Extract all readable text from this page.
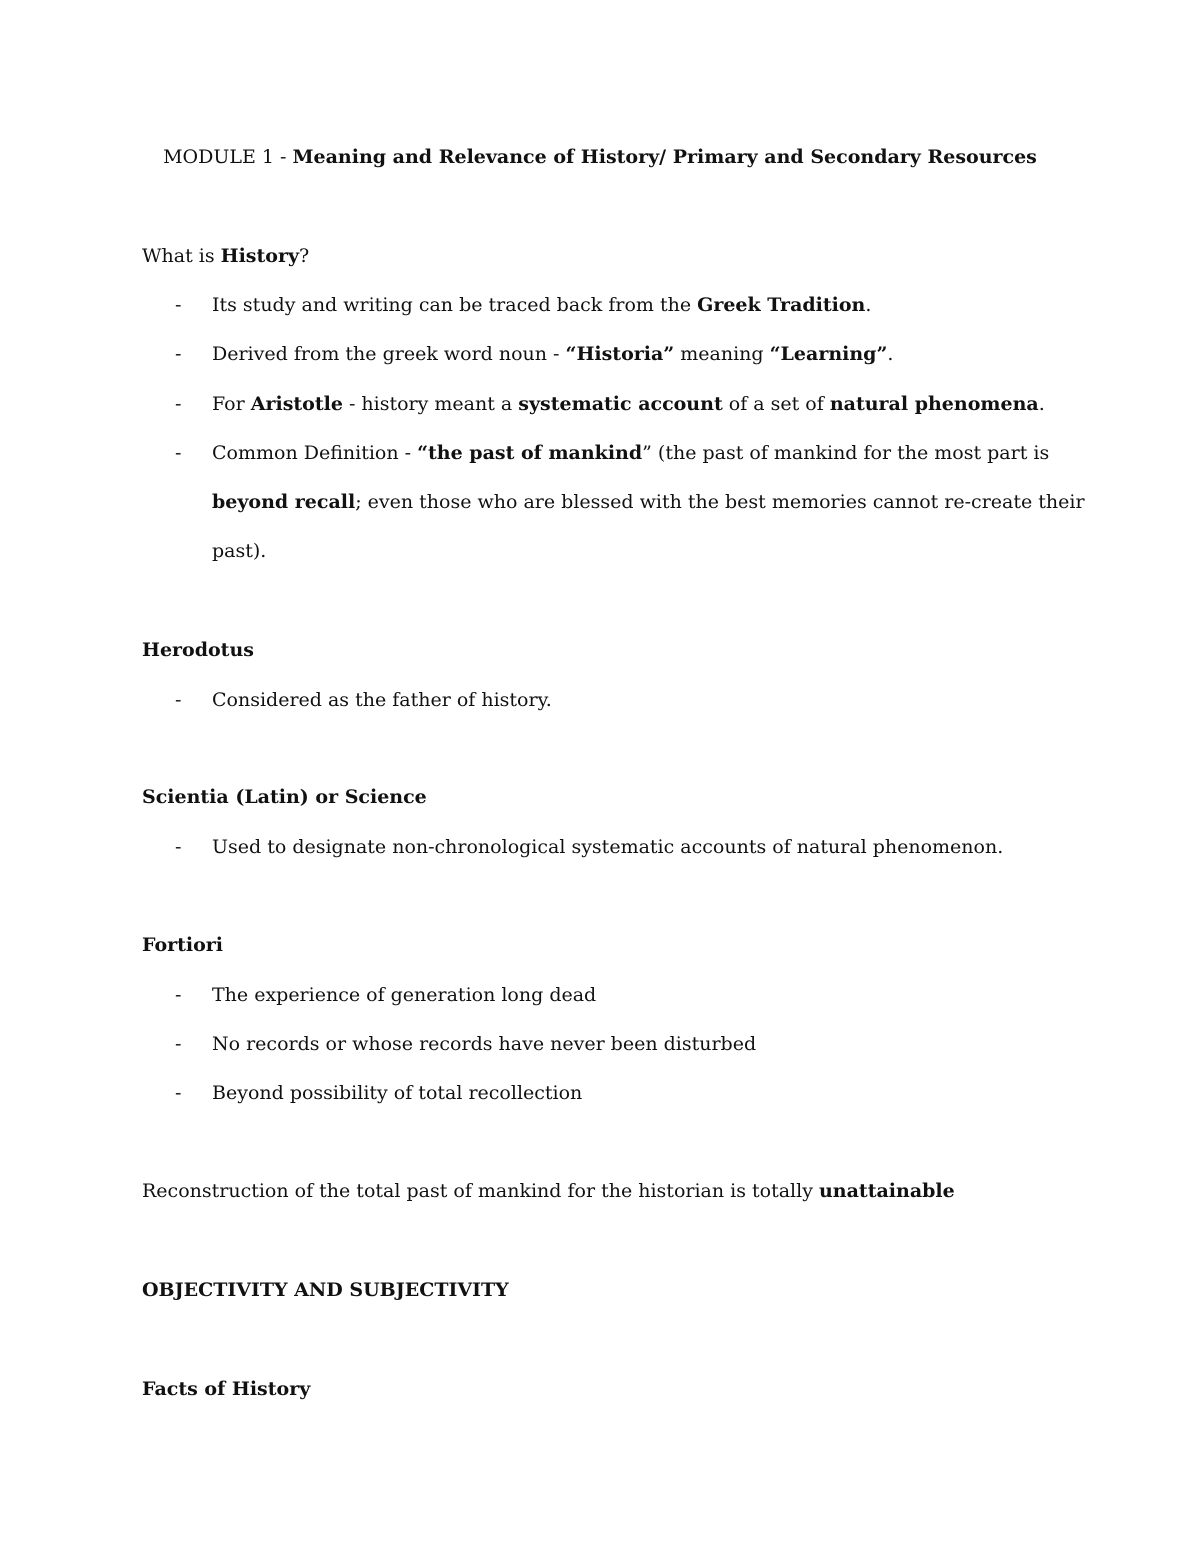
MODULE 1 - Meaning and Relevance of History/ Primary and Secondary Resources
What is History?
- Its study and writing can be traced back from the Greek Tradition.
- Derived from the greek word noun - “Historia” meaning “Learning”.
- For Aristotle - history meant a systematic account of a set of natural phenomena.
- Common Definition - “the past of mankind” (the past of mankind for the most part is
beyond recall; even those who are blessed with the best memories cannot re-create their
past).
Herodotus
- Considered as the father of history.
Scientia (Latin) or Science
- Used to designate non-chronological systematic accounts of natural phenomenon.
Fortiori
- The experience of generation long dead
- No records or whose records have never been disturbed
- Beyond possibility of total recollection
Reconstruction of the total past of mankind for the historian is totally unattainable
OBJECTIVITY AND SUBJECTIVITY
Facts of History
